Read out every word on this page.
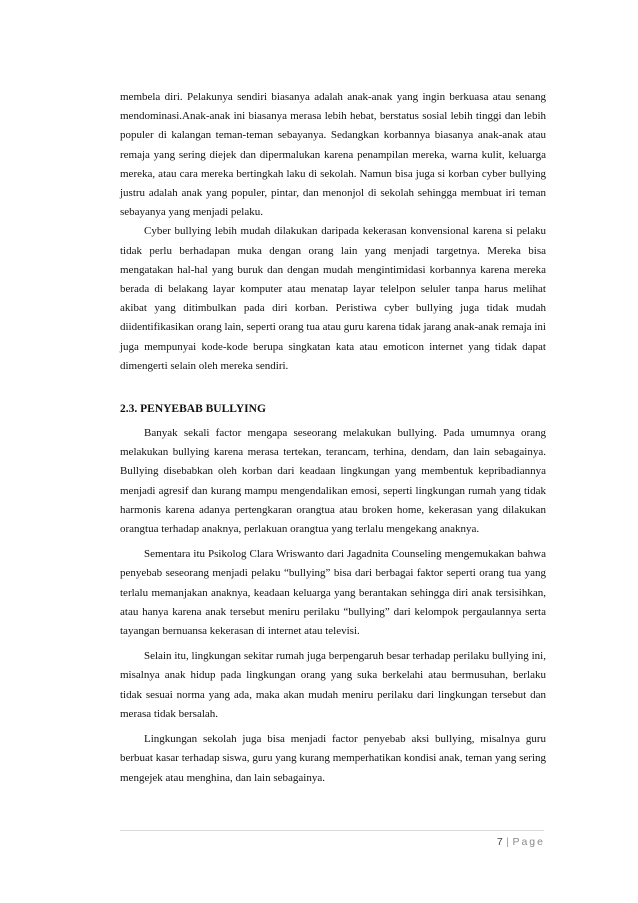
membela diri. Pelakunya sendiri biasanya adalah anak-anak yang ingin berkuasa atau senang mendominasi.Anak-anak ini biasanya merasa lebih hebat, berstatus sosial lebih tinggi dan lebih populer di kalangan teman-teman sebayanya. Sedangkan korbannya biasanya anak-anak atau remaja yang sering diejek dan dipermalukan karena penampilan mereka, warna kulit, keluarga mereka, atau cara mereka bertingkah laku di sekolah. Namun bisa juga si korban cyber bullying justru adalah anak yang populer, pintar, dan menonjol di sekolah sehingga membuat iri teman sebayanya yang menjadi pelaku.

Cyber bullying lebih mudah dilakukan daripada kekerasan konvensional karena si pelaku tidak perlu berhadapan muka dengan orang lain yang menjadi targetnya. Mereka bisa mengatakan hal-hal yang buruk dan dengan mudah mengintimidasi korbannya karena mereka berada di belakang layar komputer atau menatap layar telelpon seluler tanpa harus melihat akibat yang ditimbulkan pada diri korban. Peristiwa cyber bullying juga tidak mudah diidentifikasikan orang lain, seperti orang tua atau guru karena tidak jarang anak-anak remaja ini juga mempunyai kode-kode berupa singkatan kata atau emoticon internet yang tidak dapat dimengerti selain oleh mereka sendiri.

2.3. PENYEBAB BULLYING

Banyak sekali factor mengapa seseorang melakukan bullying. Pada umumnya orang melakukan bullying karena merasa tertekan, terancam, terhina, dendam, dan lain sebagainya. Bullying disebabkan oleh korban dari keadaan lingkungan yang membentuk kepribadiannya menjadi agresif dan kurang mampu mengendalikan emosi, seperti lingkungan rumah yang tidak harmonis karena adanya pertengkaran orangtua atau broken home, kekerasan yang dilakukan orangtua terhadap anaknya, perlakuan orangtua yang terlalu mengekang anaknya.

Sementara itu Psikolog Clara Wriswanto dari Jagadnita Counseling mengemukakan bahwa penyebab seseorang menjadi pelaku “bullying” bisa dari berbagai faktor seperti orang tua yang terlalu memanjakan anaknya, keadaan keluarga yang berantakan sehingga diri anak tersisihkan, atau hanya karena anak tersebut meniru perilaku “bullying” dari kelompok pergaulannya serta tayangan bernuansa kekerasan di internet atau televisi.

Selain itu, lingkungan sekitar rumah juga berpengaruh besar terhadap perilaku bullying ini, misalnya anak hidup pada lingkungan orang yang suka berkelahi atau bermusuhan, berlaku tidak sesuai norma yang ada, maka akan mudah meniru perilaku dari lingkungan tersebut dan merasa tidak bersalah.

Lingkungan sekolah juga bisa menjadi factor penyebab aksi bullying, misalnya guru berbuat kasar terhadap siswa, guru yang kurang memperhatikan kondisi anak, teman yang sering mengejek atau menghina, dan lain sebagainya.

7 | Page
